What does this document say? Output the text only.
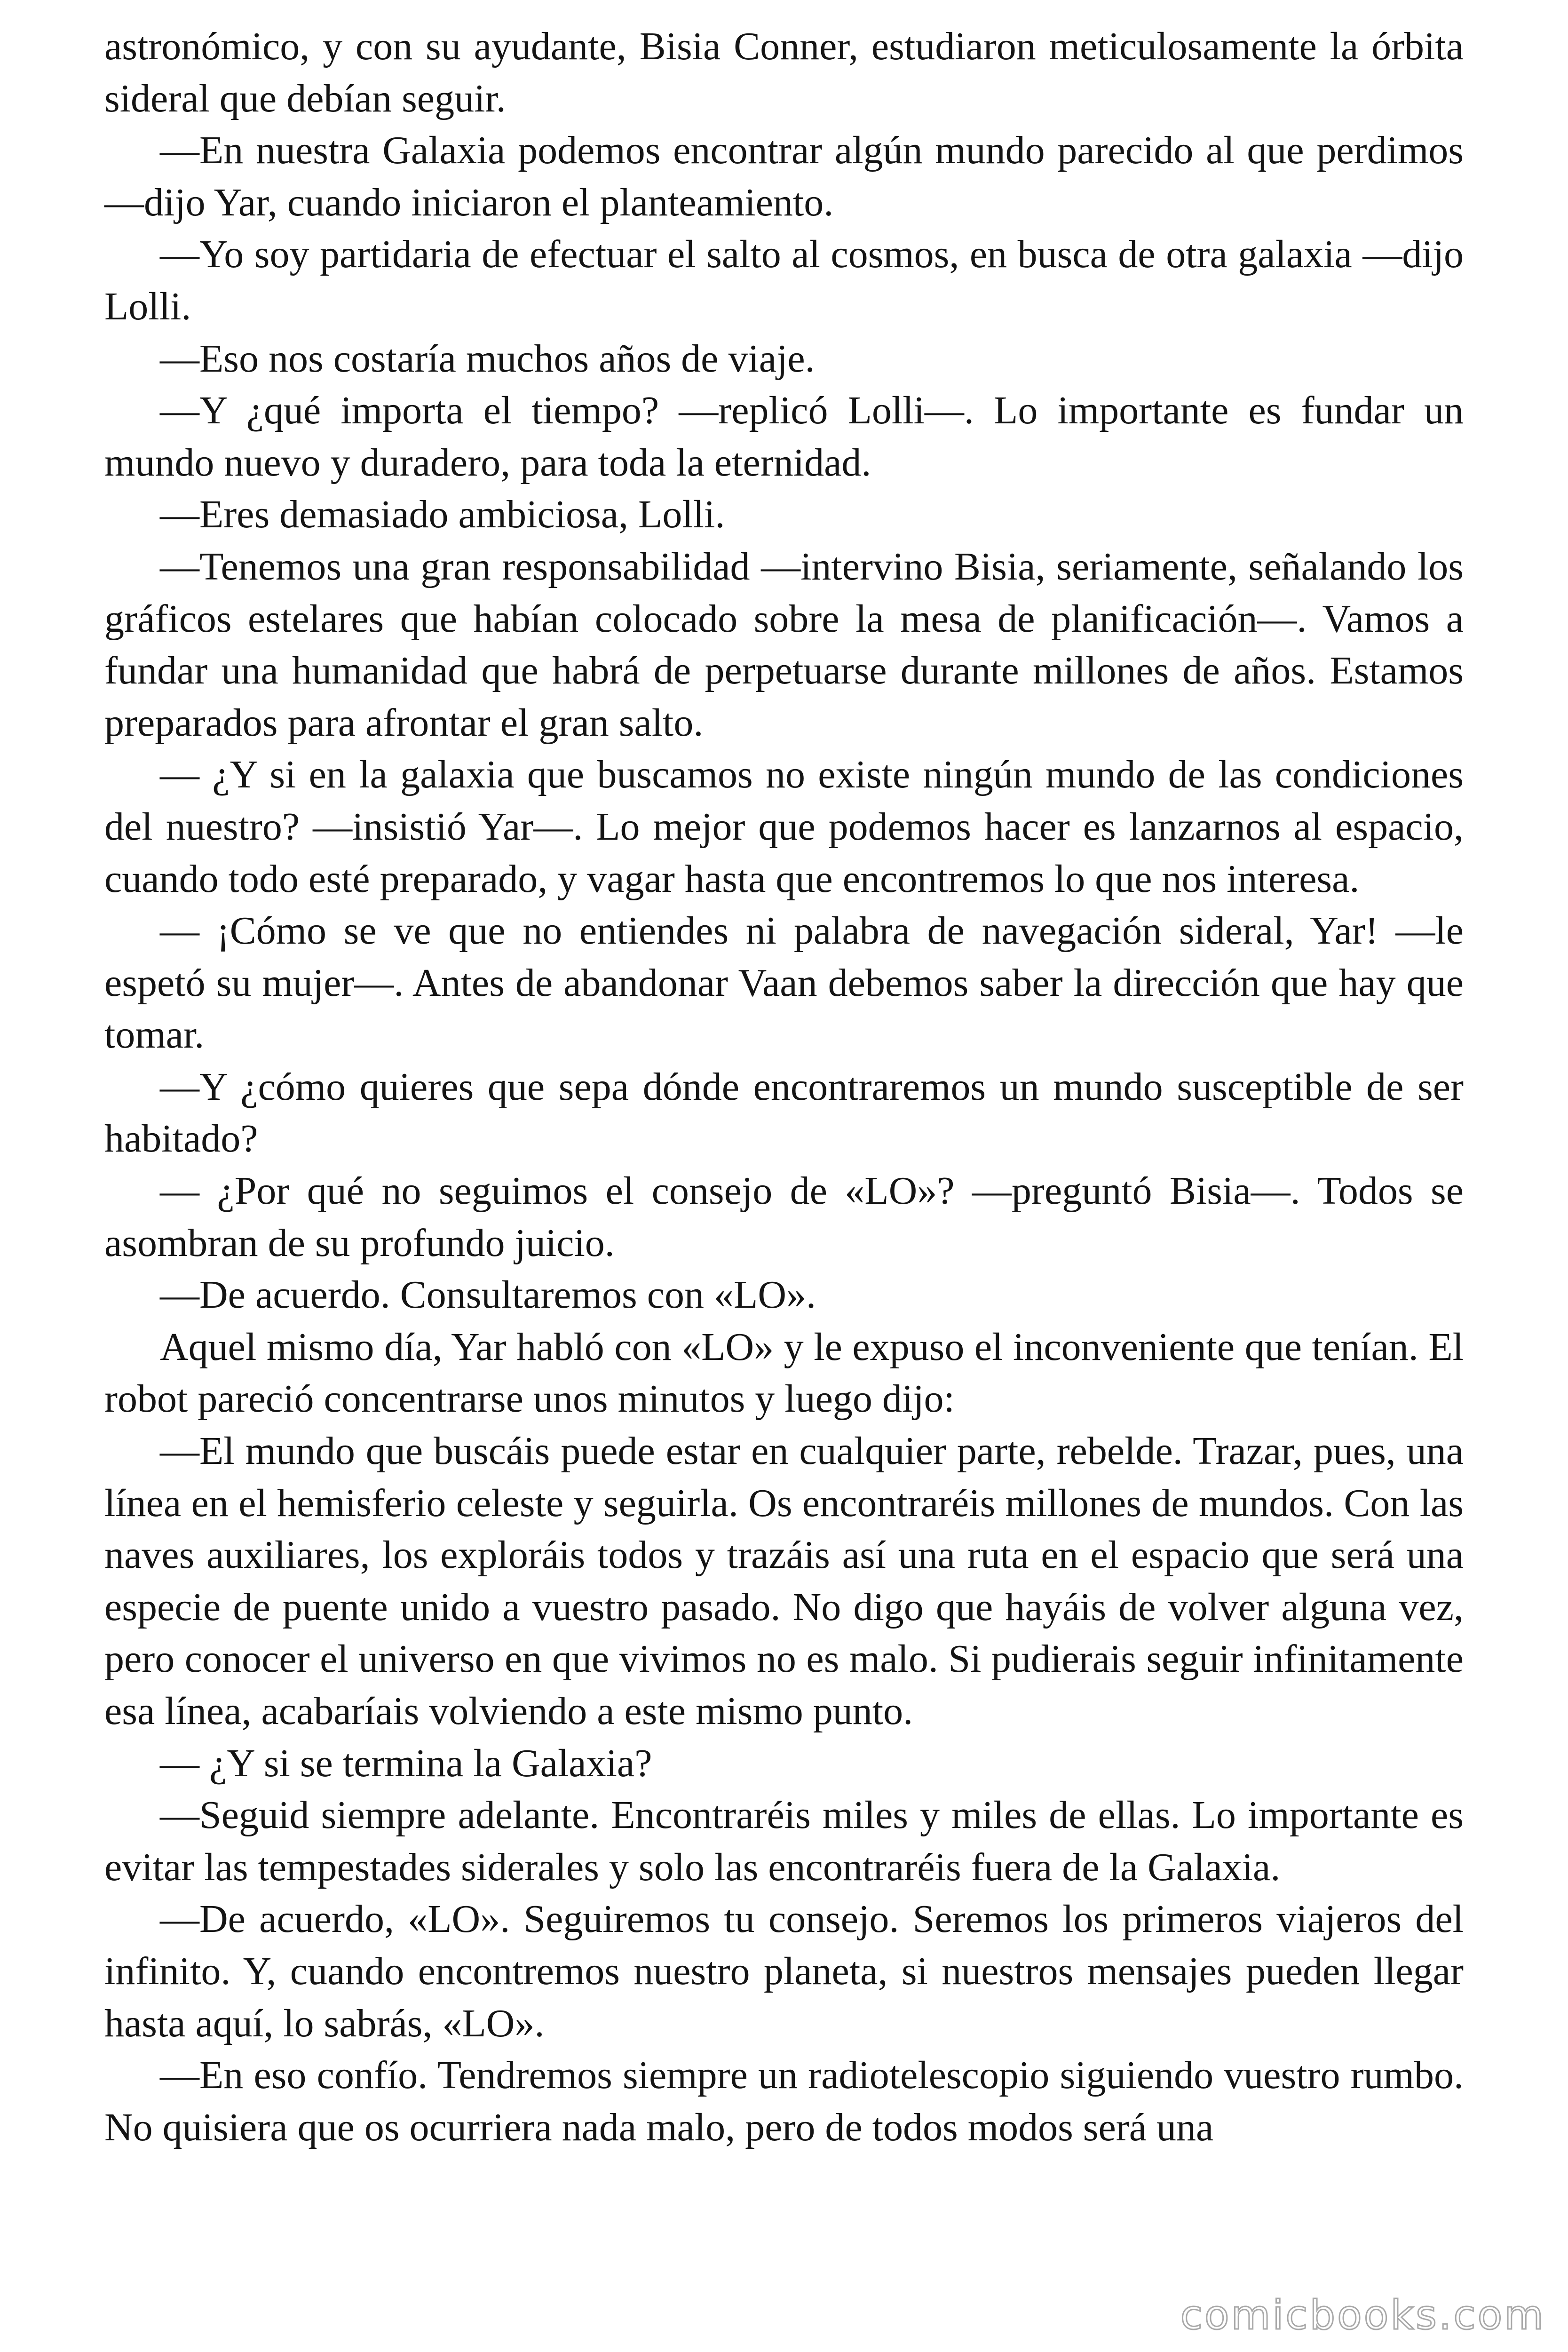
astronómico, y con su ayudante, Bisia Conner, estudiaron meticulosamente la órbita sideral que debían seguir.

—En nuestra Galaxia podemos encontrar algún mundo parecido al que perdimos —dijo Yar, cuando iniciaron el planteamiento.

—Yo soy partidaria de efectuar el salto al cosmos, en busca de otra galaxia —dijo Lolli.

—Eso nos costaría muchos años de viaje.

—Y ¿qué importa el tiempo? —replicó Lolli—. Lo importante es fundar un mundo nuevo y duradero, para toda la eternidad.

—Eres demasiado ambiciosa, Lolli.

—Tenemos una gran responsabilidad —intervino Bisia, seriamente, señalando los gráficos estelares que habían colocado sobre la mesa de planificación—. Vamos a fundar una humanidad que habrá de perpetuarse durante millones de años. Estamos preparados para afrontar el gran salto.

— ¿Y si en la galaxia que buscamos no existe ningún mundo de las condiciones del nuestro? —insistió Yar—. Lo mejor que podemos hacer es lanzarnos al espacio, cuando todo esté preparado, y vagar hasta que encontremos lo que nos interesa.

— ¡Cómo se ve que no entiendes ni palabra de navegación sideral, Yar! —le espetó su mujer—. Antes de abandonar Vaan debemos saber la dirección que hay que tomar.

—Y ¿cómo quieres que sepa dónde encontraremos un mundo susceptible de ser habitado?

— ¿Por qué no seguimos el consejo de «LO»? —preguntó Bisia—. Todos se asombran de su profundo juicio.

—De acuerdo. Consultaremos con «LO».

Aquel mismo día, Yar habló con «LO» y le expuso el inconveniente que tenían. El robot pareció concentrarse unos minutos y luego dijo:

—El mundo que buscáis puede estar en cualquier parte, rebelde. Trazar, pues, una línea en el hemisferio celeste y seguirla. Os encontraréis millones de mundos. Con las naves auxiliares, los exploráis todos y trazáis así una ruta en el espacio que será una especie de puente unido a vuestro pasado. No digo que hayáis de volver alguna vez, pero conocer el universo en que vivimos no es malo. Si pudierais seguir infinitamente esa línea, acabaríais volviendo a este mismo punto.

— ¿Y si se termina la Galaxia?

—Seguid siempre adelante. Encontraréis miles y miles de ellas. Lo importante es evitar las tempestades siderales y solo las encontraréis fuera de la Galaxia.

—De acuerdo, «LO». Seguiremos tu consejo. Seremos los primeros viajeros del infinito. Y, cuando encontremos nuestro planeta, si nuestros mensajes pueden llegar hasta aquí, lo sabrás, «LO».

—En eso confío. Tendremos siempre un radiotelescopio siguiendo vuestro rumbo. No quisiera que os ocurriera nada malo, pero de todos modos será una

comicbooks.com
